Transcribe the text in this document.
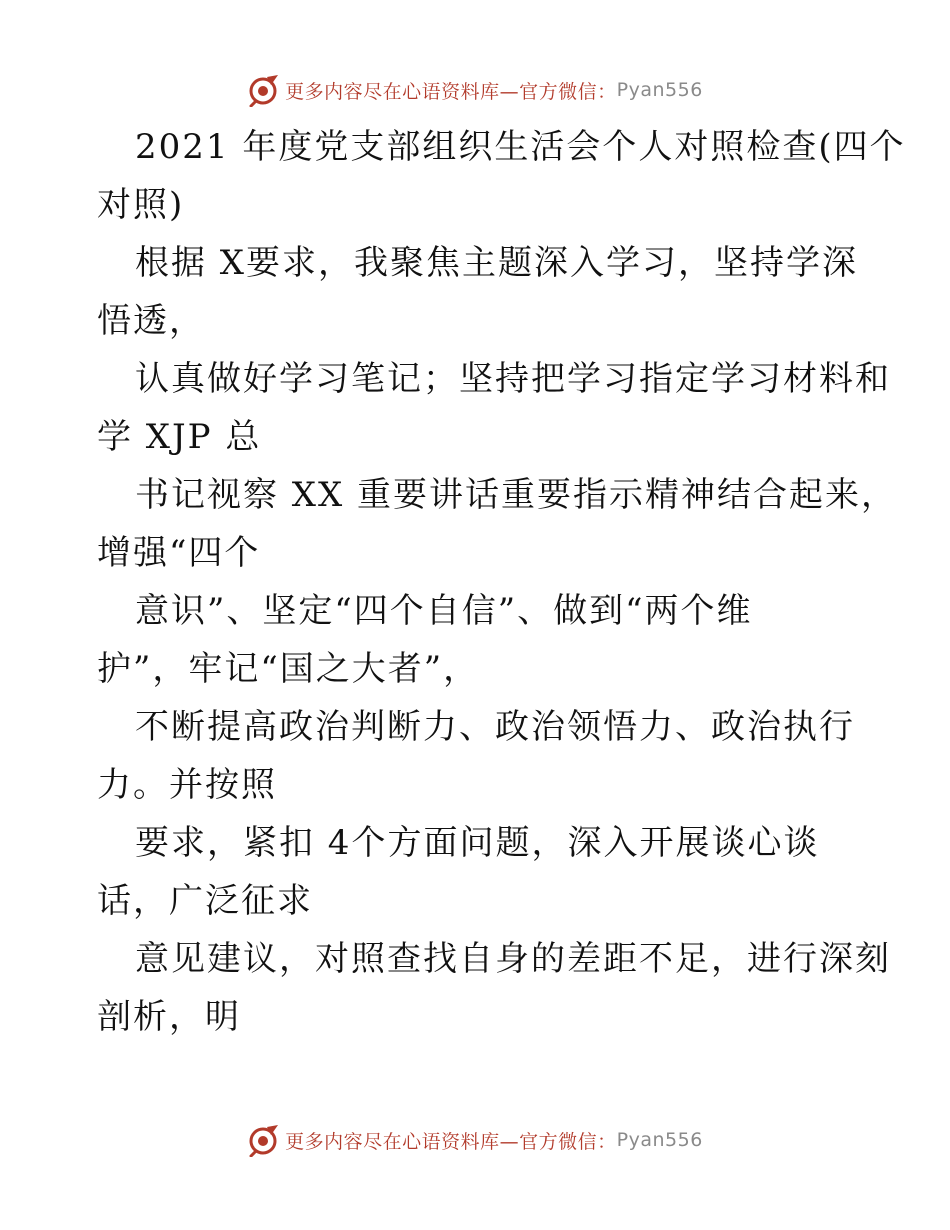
更多内容尽在心语资料库—官方微信： Pyan556
2021 年度党支部组织生活会个人对照检查(四个
对照)
根据 X要求，我聚焦主题深入学习，坚持学深
悟透，
认真做好学习笔记；坚持把学习指定学习材料和
学 XJP 总
书记视察 XX 重要讲话重要指示精神结合起来，
增强“四个
意识”、坚定“四个自信”、做到“两个维
护”，牢记“国之大者”，
不断提高政治判断力、政治领悟力、政治执行
力。并按照
要求，紧扣 4个方面问题，深入开展谈心谈
话，广泛征求
意见建议，对照查找自身的差距不足，进行深刻
剖析，明
更多内容尽在心语资料库—官方微信： Pyan556
